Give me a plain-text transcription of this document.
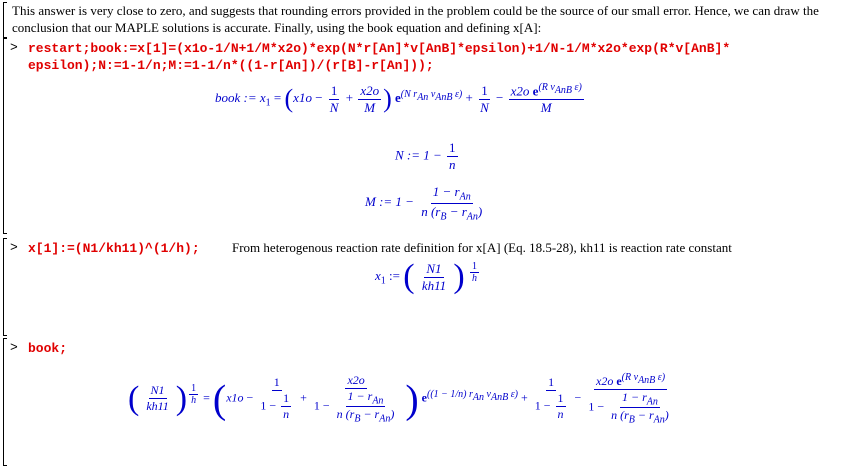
This answer is very close to zero, and suggests that rounding errors provided in the problem could be the source of our small error. Hence, we can draw the conclusion that our MAPLE solutions is accurate. Finally, using the book equation and defining x[A]:
> restart;book:=x[1]=(x1o-1/N+1/M*x2o)*exp(N*r[An]*v[AnB]*epsilon)+1/N-1/M*x2o*exp(R*v[AnB]*
epsilon);N:=1-1/n;M:=1-1/n*((1-r[An])/(r[B]-r[An]));
book := $x_1 = (x1o - \frac{1}{N} + \frac{x2o}{M}$ ) $e^{(N r_{An} v_{AnB} \varepsilon)} + \frac{1}{N} - \frac{x2o e^{(R v_{AnB} \varepsilon)}}{M}$
N := $1 - \frac{1}{n}$
M := $1 - \frac{1 - r_{An}}{n (r_B - r_{An})}$
> x[1]:=(N1/kh11)^(1/h); From heterogenous reaction rate definition for x[A] (Eq. 18.5-28), kh11 is reaction rate constant
$x_1$ := ( $\frac{N1}{kh11}$ ) $^{\frac{1}{h}}$
> book;
( $\frac{N1}{kh11}$ ) $^{\frac{1}{h}} = (x1o - \frac{1}{1 - \frac{1}{n}} + \frac{x2o}{1 - \frac{1 - r_{An}}{n (r_B - r_{An})}}$ ) $e^{((1 - 1/n) r_{An} v_{AnB} \varepsilon)} + \frac{1}{1 - \frac{1}{n}} - \frac{x2o e^{(R v_{AnB} \varepsilon)}}{1 - \frac{1 - r_{An}}{n (r_B - r_{An})}}$
